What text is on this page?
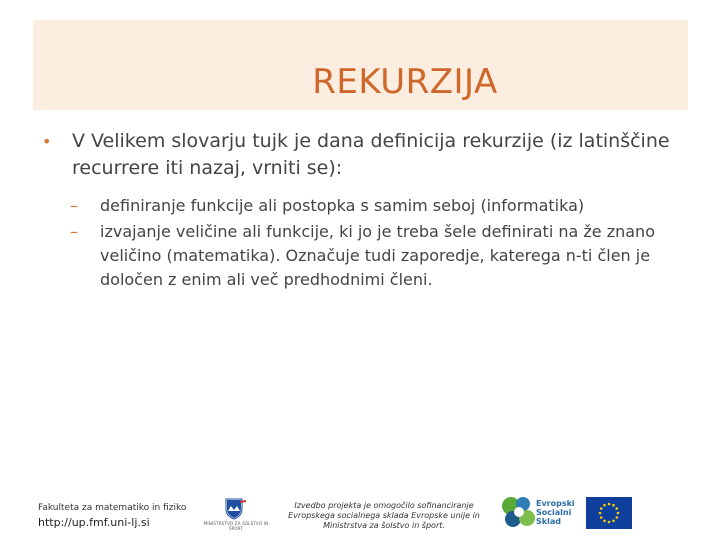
REKURZIJA
•	V Velikem slovarju tujk je dana definicija rekurzije (iz latinščine recurrere iti nazaj, vrniti se):
–	definiranje funkcije ali postopka s samim seboj (informatika)
–	izvajanje veličine ali funkcije, ki jo je treba šele definirati na že znano veličino (matematika). Označuje tudi zaporedje, katerega n-ti člen je določen z enim ali več predhodnimi členi.
Fakulteta za matematiko in fiziko
http://up.fmf.uni-lj.si	MINISTRSTVO ZA ŠOLSTVO IN ŠPORT
Izvedbo projekta je omogočilo sofinanciranje Evropskega socialnega sklada Evropske unije in Ministrstva za šolstvo in šport.
Evropski
Socialni
Sklad
